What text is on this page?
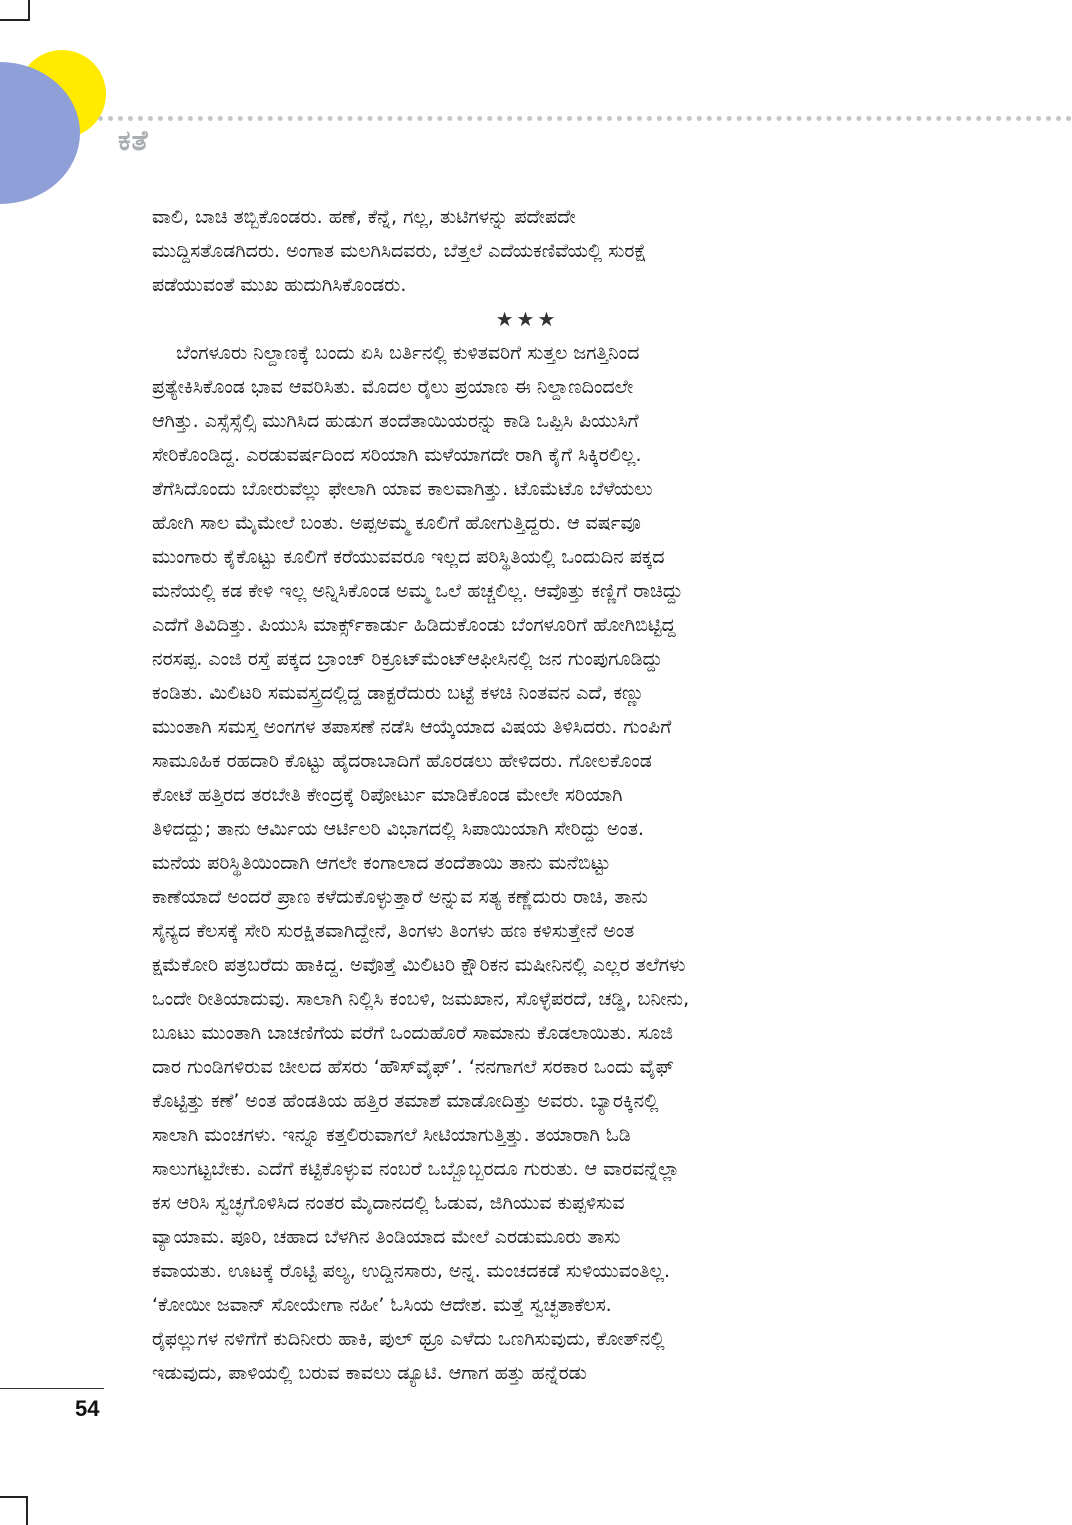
ಕತೆ
ವಾಲಿ, ಬಾಚಿ ತಬ್ಬಿಕೊಂಡರು. ಹಣೆ, ಕೆನ್ನೆ, ಗಲ್ಲ, ತುಟಿಗಳನ್ನು ಪದೇಪದೇ
ಮುದ್ದಿಸತೊಡಗಿದರು. ಅಂಗಾತ ಮಲಗಿಸಿದವರು, ಬೆತ್ತಲೆ ಎದೆಯಕಣಿವೆಯಲ್ಲಿ ಸುರಕ್ಷೆ
ಪಡೆಯುವಂತೆ ಮುಖ ಹುದುಗಿಸಿಕೊಂಡರು.
★★★
ಬೆಂಗಳೂರು ನಿಲ್ದಾಣಕ್ಕೆ ಬಂದು ಏಸಿ ಬರ್ತಿನಲ್ಲಿ ಕುಳಿತವರಿಗೆ ಸುತ್ತಲ ಜಗತ್ತಿನಿಂದ
ಪ್ರತ್ಯೇಕಿಸಿಕೊಂಡ ಭಾವ ಆವರಿಸಿತು. ಮೊದಲ ರೈಲು ಪ್ರಯಾಣ ಈ ನಿಲ್ದಾಣದಿಂದಲೇ
ಆಗಿತ್ತು. ಎಸ್ಸೆಸ್ಸೆಲ್ಸಿ ಮುಗಿಸಿದ ಹುಡುಗ ತಂದೆತಾಯಿಯರನ್ನು ಕಾಡಿ ಒಪ್ಪಿಸಿ ಪಿಯುಸಿಗೆ
ಸೇರಿಕೊಂಡಿದ್ದ. ಎರಡುವರ್ಷದಿಂದ ಸರಿಯಾಗಿ ಮಳೆಯಾಗದೇ ರಾಗಿ ಕೈಗೆ ಸಿಕ್ಕಿರಲಿಲ್ಲ.
ತೆಗೆಸಿದೊಂದು ಬೋರುವೆಲ್ಲು ಫೇಲಾಗಿ ಯಾವ ಕಾಲವಾಗಿತ್ತು. ಟೊಮೆಟೊ ಬೆಳೆಯಲು
ಹೋಗಿ ಸಾಲ ಮೈಮೇಲೆ ಬಂತು. ಅಪ್ಪಅಮ್ಮ ಕೂಲಿಗೆ ಹೋಗುತ್ತಿದ್ದರು. ಆ ವರ್ಷವೂ
ಮುಂಗಾರು ಕೈಕೊಟ್ಟು ಕೂಲಿಗೆ ಕರೆಯುವವರೂ ಇಲ್ಲದ ಪರಿಸ್ಥಿತಿಯಲ್ಲಿ ಒಂದುದಿನ ಪಕ್ಕದ
ಮನೆಯಲ್ಲಿ ಕಡ ಕೇಳಿ ಇಲ್ಲ ಅನ್ನಿಸಿಕೊಂಡ ಅಮ್ಮ ಒಲೆ ಹಚ್ಚಲಿಲ್ಲ. ಆವೊತ್ತು ಕಣ್ಣಿಗೆ ರಾಚಿದ್ದು
ಎದೆಗೆ ತಿವಿದಿತ್ತು. ಪಿಯುಸಿ ಮಾರ್ಕ್ಸ್‌ಕಾರ್ಡು ಹಿಡಿದುಕೊಂಡು ಬೆಂಗಳೂರಿಗೆ ಹೋಗಿಬಿಟ್ಟಿದ್ದ
ನರಸಪ್ಪ. ಎಂಜಿ ರಸ್ತೆ ಪಕ್ಕದ ಬ್ರಾಂಚ್ ರಿಕ್ರೂಟ್‌ಮೆಂಟ್‌ಆಫೀಸಿನಲ್ಲಿ ಜನ ಗುಂಪುಗೂಡಿದ್ದು
ಕಂಡಿತು. ಮಿಲಿಟರಿ ಸಮವಸ್ತ್ರದಲ್ಲಿದ್ದ ಡಾಕ್ಟರೆದುರು ಬಟ್ಟೆ ಕಳಚಿ ನಿಂತವನ ಎದೆ, ಕಣ್ಣು
ಮುಂತಾಗಿ ಸಮಸ್ತ ಅಂಗಗಳ ತಪಾಸಣೆ ನಡೆಸಿ ಆಯ್ಕೆಯಾದ ವಿಷಯ ತಿಳಿಸಿದರು. ಗುಂಪಿಗೆ
ಸಾಮೂಹಿಕ ರಹದಾರಿ ಕೊಟ್ಟು ಹೈದರಾಬಾದಿಗೆ ಹೊರಡಲು ಹೇಳಿದರು. ಗೋಲಕೊಂಡ
ಕೋಟೆ ಹತ್ತಿರದ ತರಬೇತಿ ಕೇಂದ್ರಕ್ಕೆ ರಿಪೋರ್ಟು ಮಾಡಿಕೊಂಡ ಮೇಲೇ ಸರಿಯಾಗಿ
ತಿಳಿದದ್ದು; ತಾನು ಆರ್ಮಿಯ ಆರ್ಟಿಲರಿ ವಿಭಾಗದಲ್ಲಿ ಸಿಪಾಯಿಯಾಗಿ ಸೇರಿದ್ದು ಅಂತ.
ಮನೆಯ ಪರಿಸ್ಥಿತಿಯಿಂದಾಗಿ ಆಗಲೇ ಕಂಗಾಲಾದ ತಂದೆತಾಯಿ ತಾನು ಮನೆಬಿಟ್ಟು
ಕಾಣೆಯಾದೆ ಅಂದರೆ ಪ್ರಾಣ ಕಳೆದುಕೊಳ್ಳುತ್ತಾರೆ ಅನ್ನುವ ಸತ್ಯ ಕಣ್ಣೆದುರು ರಾಚಿ, ತಾನು
ಸೈನ್ಯದ ಕೆಲಸಕ್ಕೆ ಸೇರಿ ಸುರಕ್ಷಿತವಾಗಿದ್ದೇನೆ, ತಿಂಗಳು ತಿಂಗಳು ಹಣ ಕಳಿಸುತ್ತೇನೆ ಅಂತ
ಕ್ಷಮೆಕೋರಿ ಪತ್ರಬರೆದು ಹಾಕಿದ್ದ. ಅವೊತ್ತೆ ಮಿಲಿಟರಿ ಕ್ಷೌರಿಕನ ಮಷೀನಿನಲ್ಲಿ ಎಲ್ಲರ ತಲೆಗಳು
ಒಂದೇ ರೀತಿಯಾದುವು. ಸಾಲಾಗಿ ನಿಲ್ಲಿಸಿ ಕಂಬಳಿ, ಜಮಖಾನ, ಸೊಳ್ಳೆಪರದೆ, ಚಡ್ಡಿ, ಬನೀನು,
ಬೂಟು ಮುಂತಾಗಿ ಬಾಚಣಿಗೆಯ ವರೆಗೆ ಒಂದುಹೊರೆ ಸಾಮಾನು ಕೊಡಲಾಯಿತು. ಸೂಜಿ
ದಾರ ಗುಂಡಿಗಳಿರುವ ಚೀಲದ ಹೆಸರು ‘ಹೌಸ್‌ವೈಫ್’. ‘ನನಗಾಗಲೆ ಸರಕಾರ ಒಂದು ವೈಫ್
ಕೊಟ್ಟಿತ್ತು ಕಣೆ’ ಅಂತ ಹೆಂಡತಿಯ ಹತ್ತಿರ ತಮಾಶೆ ಮಾಡೋದಿತ್ತು ಅವರು. ಬ್ಯಾರಕ್ಕಿನಲ್ಲಿ
ಸಾಲಾಗಿ ಮಂಚಗಳು. ಇನ್ನೂ ಕತ್ತಲಿರುವಾಗಲೆ ಸೀಟಿಯಾಗುತ್ತಿತ್ತು. ತಯಾರಾಗಿ ಓಡಿ
ಸಾಲುಗಟ್ಟಬೇಕು. ಎದೆಗೆ ಕಟ್ಟಿಕೊಳ್ಳುವ ನಂಬರೆ ಒಬ್ಬೊಬ್ಬರದೂ ಗುರುತು. ಆ ವಾರವನ್ನೆಲ್ಲಾ
ಕಸ ಆರಿಸಿ ಸ್ವಚ್ಛಗೊಳಿಸಿದ ನಂತರ ಮೈದಾನದಲ್ಲಿ ಓಡುವ, ಜಿಗಿಯುವ ಕುಪ್ಪಳಿಸುವ
ವ್ಯಾಯಾಮ. ಪೂರಿ, ಚಹಾದ ಬೆಳಗಿನ ತಿಂಡಿಯಾದ ಮೇಲೆ ಎರಡುಮೂರು ತಾಸು
ಕವಾಯತು. ಊಟಕ್ಕೆ ರೊಟ್ಟಿ ಪಲ್ಯ, ಉದ್ದಿನಸಾರು, ಅನ್ನ. ಮಂಚದಕಡೆ ಸುಳಿಯುವಂತಿಲ್ಲ.
‘ಕೋಯೀ ಜವಾನ್ ಸೋಯೇಗಾ ನಹೀ’ ಓಸಿಯ ಆದೇಶ. ಮತ್ತೆ ಸ್ವಚ್ಛತಾಕೆಲಸ.
ರೈಫಲ್ಲುಗಳ ನಳಿಗೆಗೆ ಕುದಿನೀರು ಹಾಕಿ, ಪುಲ್ ಥ್ರೂ ಎಳೆದು ಒಣಗಿಸುವುದು, ಕೋತ್‌ನಲ್ಲಿ
ಇಡುವುದು, ಪಾಳಿಯಲ್ಲಿ ಬರುವ ಕಾವಲು ಡ್ಯೂಟಿ. ಆಗಾಗ ಹತ್ತು ಹನ್ನೆರಡು
54
